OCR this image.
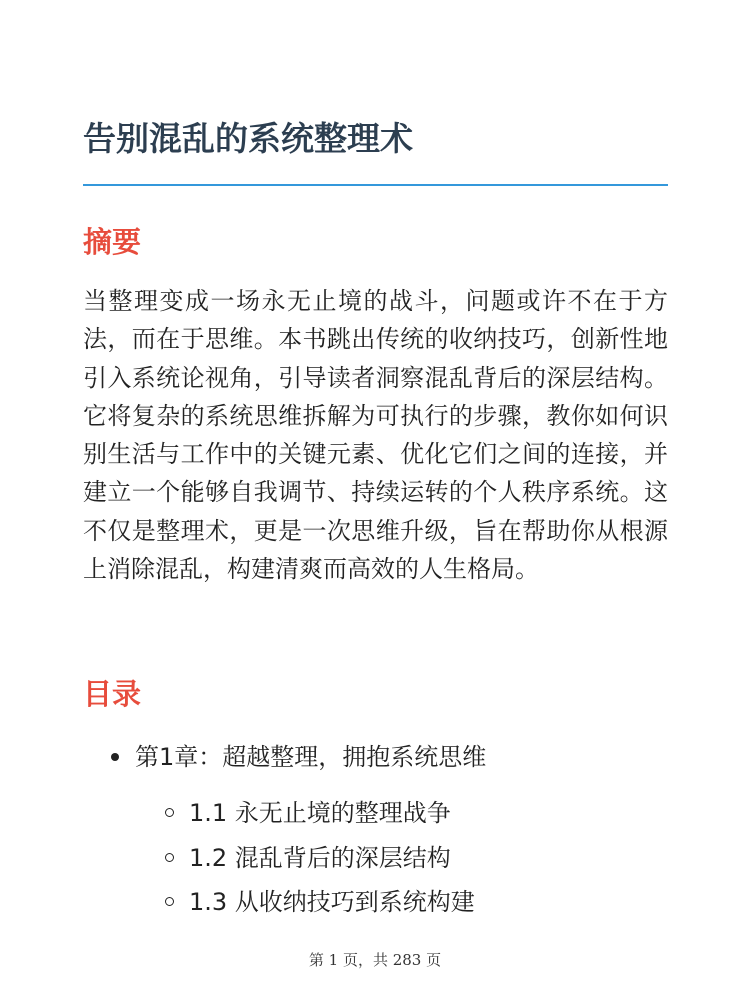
告别混乱的系统整理术
摘要

当整理变成一场永无止境的战斗，问题或许不在于方法，而在于思维。本书跳出传统的收纳技巧，创新性地引入系统论视角，引导读者洞察混乱背后的深层结构。它将复杂的系统思维拆解为可执行的步骤，教你如何识别生活与工作中的关键元素、优化它们之间的连接，并建立一个能够自我调节、持续运转的个人秩序系统。这不仅是整理术，更是一次思维升级，旨在帮助你从根源上消除混乱，构建清爽而高效的人生格局。

目录
第1章：超越整理，拥抱系统思维
1.1 永无止境的整理战争
1.2 混乱背后的深层结构
1.3 从收纳技巧到系统构建
第 1 页，共 283 页
